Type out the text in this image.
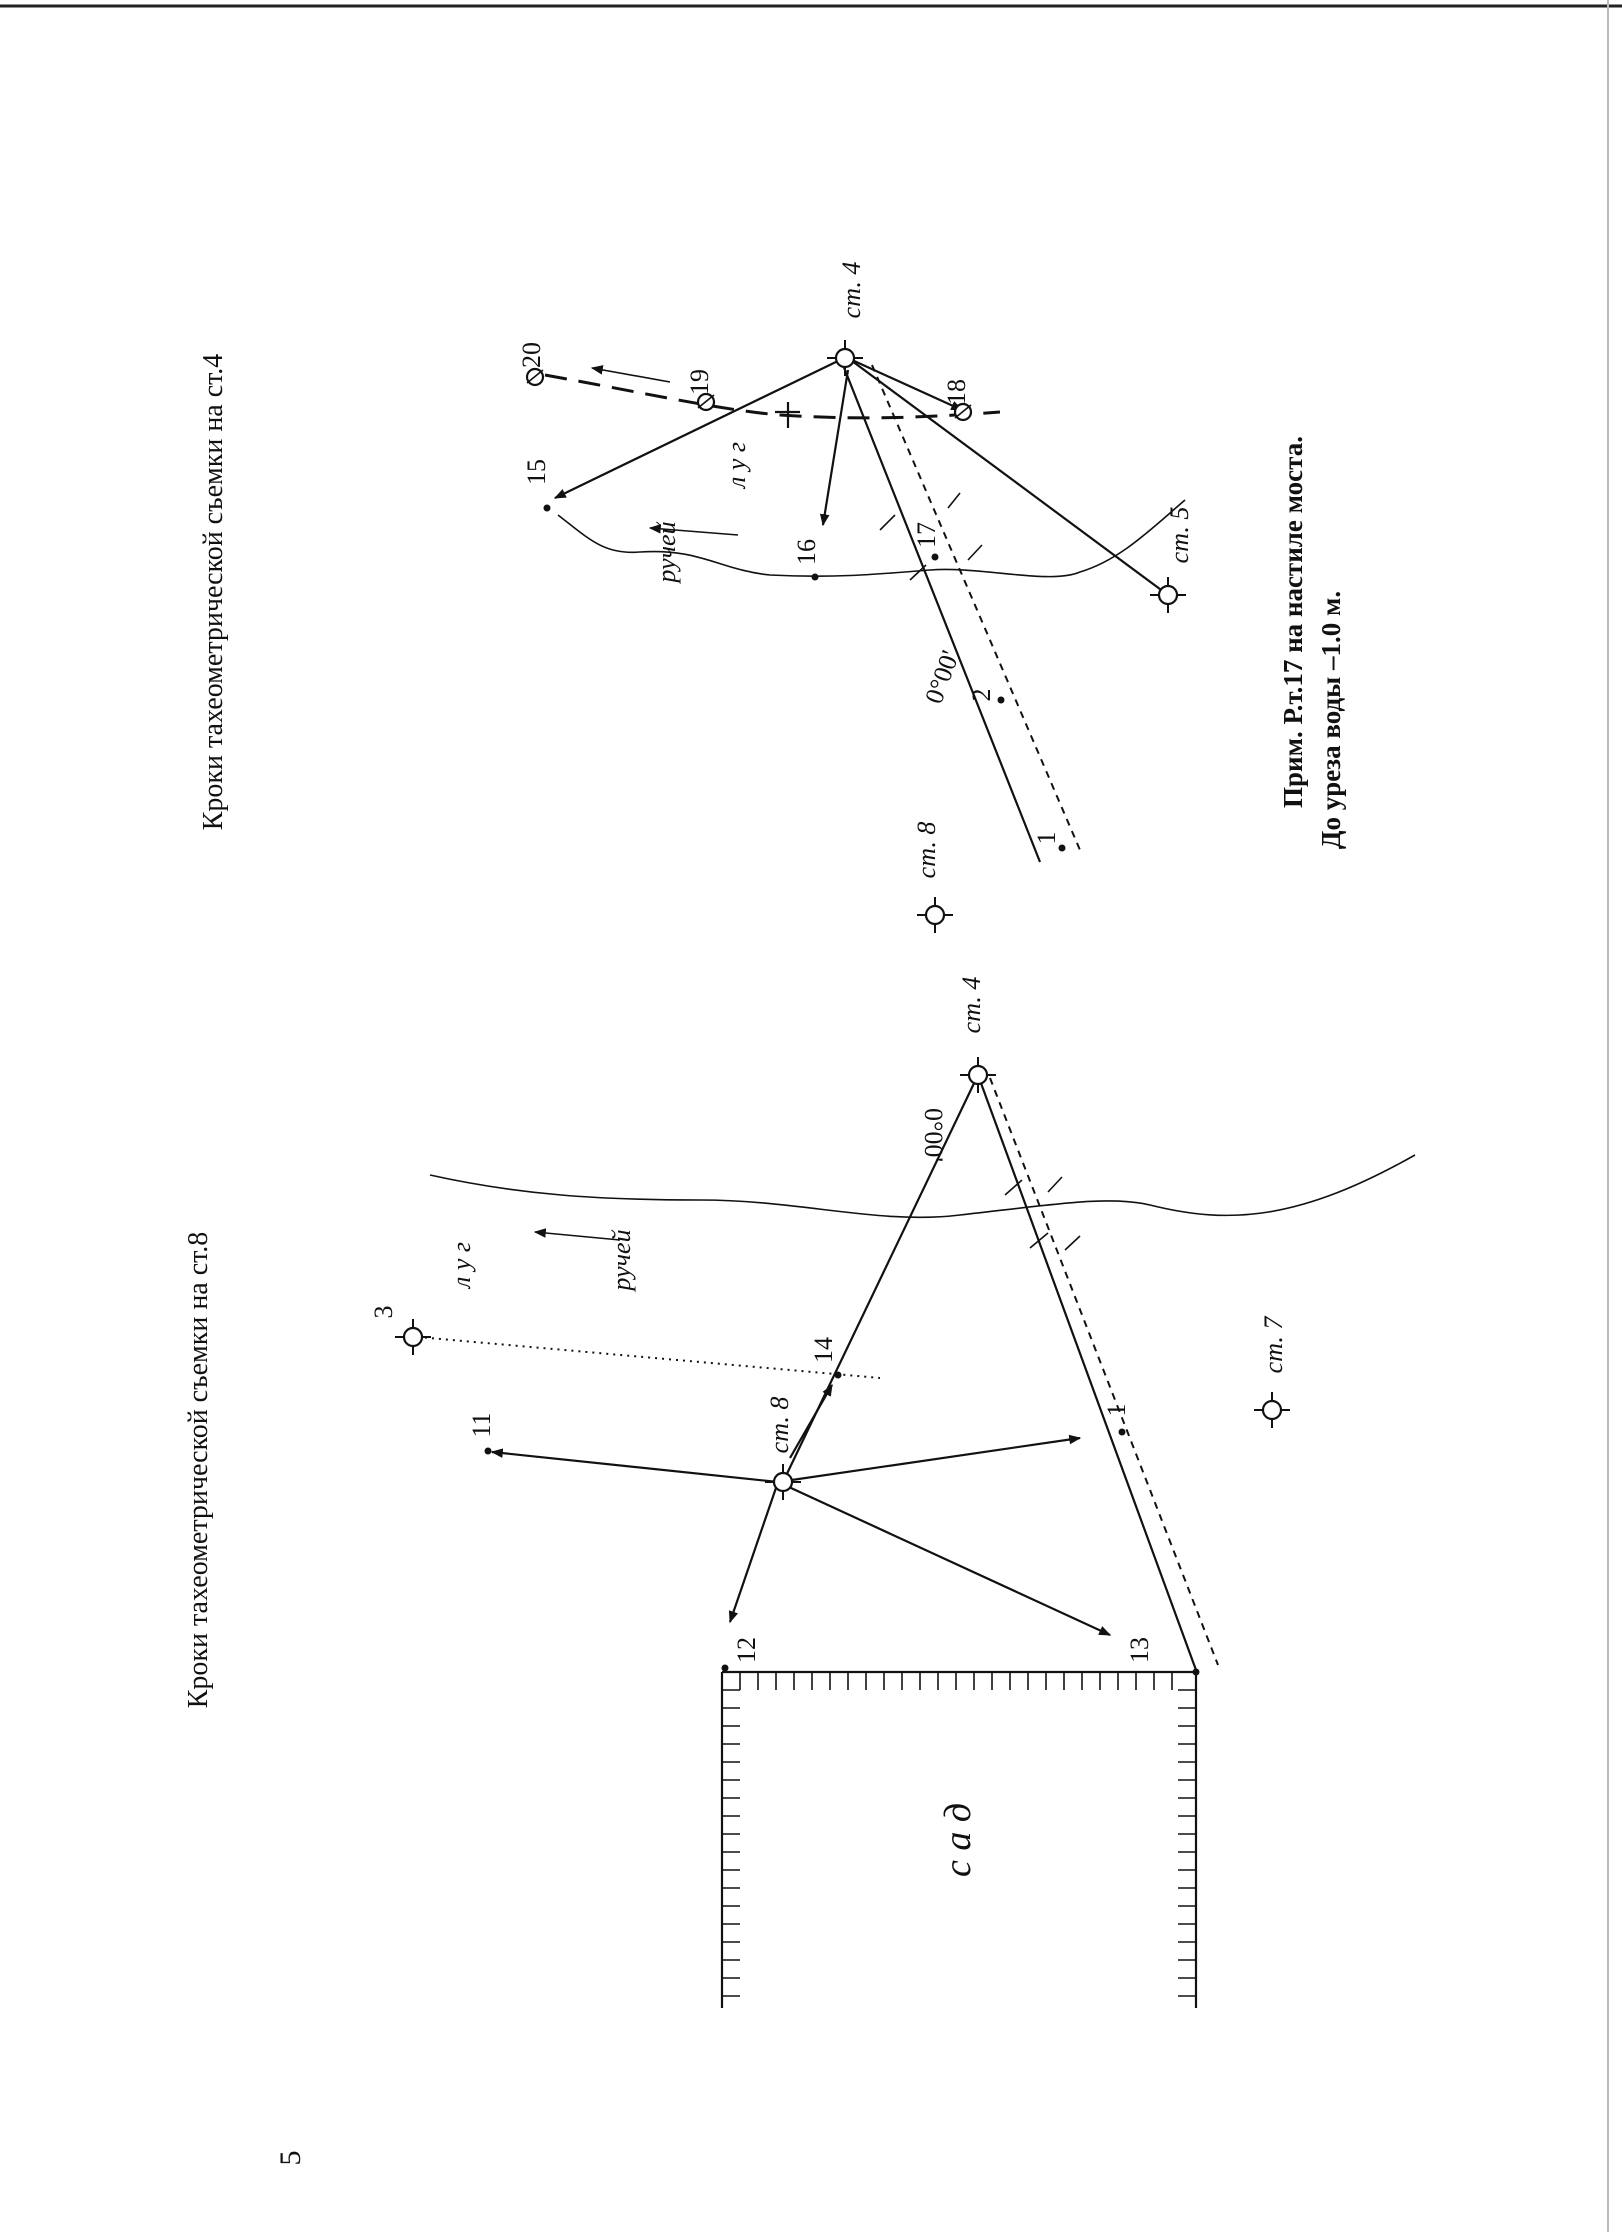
Кроки тахеометрической съемки на ст.4	ручей
л у г
0°00'
ст. 4
ст. 5
ст. 8
15
16
17
2
1
18
19
20
Прим. Р.т.17 на настиле моста. До уреза воды –1.0 м.
Кроки тахеометрической съемки на ст.8	ручей
л у г
0°00'
с а д
ст. 4
ст. 8
ст. 7
3
11
12	13
14
1
5
